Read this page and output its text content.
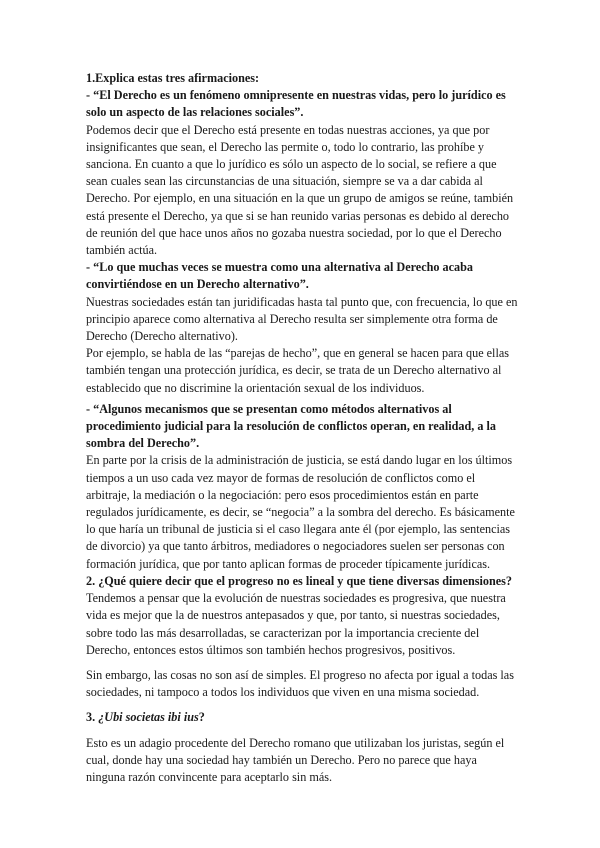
1.Explica estas tres afirmaciones:

- “El Derecho es un fenómeno omnipresente en nuestras vidas, pero lo jurídico es solo un aspecto de las relaciones sociales”.

Podemos decir que el Derecho está presente en todas nuestras acciones, ya que por insignificantes que sean, el Derecho las permite o, todo lo contrario, las prohíbe y sanciona. En cuanto a que lo jurídico es sólo un aspecto de lo social, se refiere a que sean cuales sean las circunstancias de una situación, siempre se va a dar cabida al Derecho. Por ejemplo, en una situación en la que un grupo de amigos se reúne, también está presente el Derecho, ya que si se han reunido varias personas es debido al derecho de reunión del que hace unos años no gozaba nuestra sociedad, por lo que el Derecho también actúa.

- “Lo que muchas veces se muestra como una alternativa al Derecho acaba convirtiéndose en un Derecho alternativo”.

Nuestras sociedades están tan juridificadas hasta tal punto que, con frecuencia, lo que en principio aparece como alternativa al Derecho resulta ser simplemente otra forma de Derecho (Derecho alternativo).

Por ejemplo, se habla de las “parejas de hecho”, que en general se hacen para que ellas también tengan una protección jurídica, es decir, se trata de un Derecho alternativo al establecido que no discrimine la orientación sexual de los individuos.

- “Algunos mecanismos que se presentan como métodos alternativos al procedimiento judicial para la resolución de conflictos operan, en realidad, a la sombra del Derecho”.

En parte por la crisis de la administración de justicia, se está dando lugar en los últimos tiempos a un uso cada vez mayor de formas de resolución de conflictos como el arbitraje, la mediación o la negociación: pero esos procedimientos están en parte regulados jurídicamente, es decir, se “negocia” a la sombra del derecho. Es básicamente lo que haría un tribunal de justicia si el caso llegara ante él (por ejemplo, las sentencias de divorcio) ya que tanto árbitros, mediadores o negociadores suelen ser personas con formación jurídica, que por tanto aplican formas de proceder típicamente jurídicas.

2. ¿Qué quiere decir que el progreso no es lineal y que tiene diversas dimensiones?

Tendemos a pensar que la evolución de nuestras sociedades es progresiva, que nuestra vida es mejor que la de nuestros antepasados y que, por tanto, si nuestras sociedades, sobre todo las más desarrolladas, se caracterizan por la importancia creciente del Derecho, entonces estos últimos son también hechos progresivos, positivos.

Sin embargo, las cosas no son así de simples. El progreso no afecta por igual a todas las sociedades, ni tampoco a todos los individuos que viven en una misma sociedad.

3. ¿Ubi societas ibi ius?

Esto es un adagio procedente del Derecho romano que utilizaban los juristas, según el cual, donde hay una sociedad hay también un Derecho. Pero no parece que haya ninguna razón convincente para aceptarlo sin más.
